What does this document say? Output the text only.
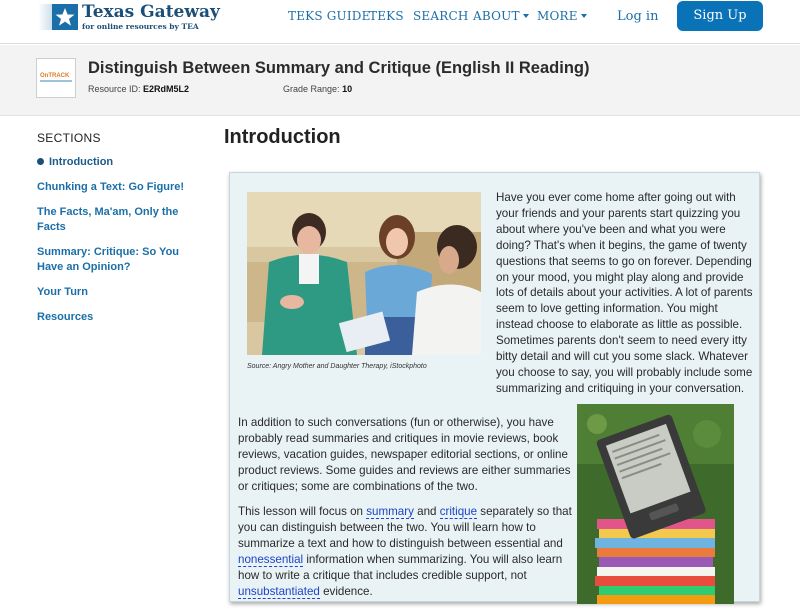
Texas Gateway
for online resources by TEA
TEKS GUIDE
TEKS SEARCH ABOUT	MORE	Log in	Sign Up
OnTRACK Distinguish Between Summary and Critique (English II Reading)
Resource ID: E2RdM5L2	Grade Range: 10
SECTIONS
Introduction
Chunking a Text: Go Figure!
The Facts, Ma'am, Only the Facts
Summary: Critique: So You Have an Opinion?
Your Turn
Resources
Introduction
Source: Angry Mother and Daughter Therapy, iStockphoto
Have you ever come home after going out with your friends and your parents start quizzing you about where you've been and what you were doing? That's when it begins, the game of twenty questions that seems to go on forever. Depending on your mood, you might play along and provide lots of details about your activities. A lot of parents seem to love getting information. You might instead choose to elaborate as little as possible. Sometimes parents don't seem to need every itty bitty detail and will cut you some slack. Whatever you choose to say, you will probably include some summarizing and critiquing in your conversation.
In addition to such conversations (fun or otherwise), you have probably read summaries and critiques in movie reviews, book reviews, vacation guides, newspaper editorial sections, or online product reviews. Some guides and reviews are either summaries or critiques; some are combinations of the two.
This lesson will focus on summary and critique separately so that you can distinguish between the two. You will learn how to summarize a text and how to distinguish between essential and nonessential information when summarizing. You will also learn how to write a critique that includes credible support, not unsubstantiated evidence.
